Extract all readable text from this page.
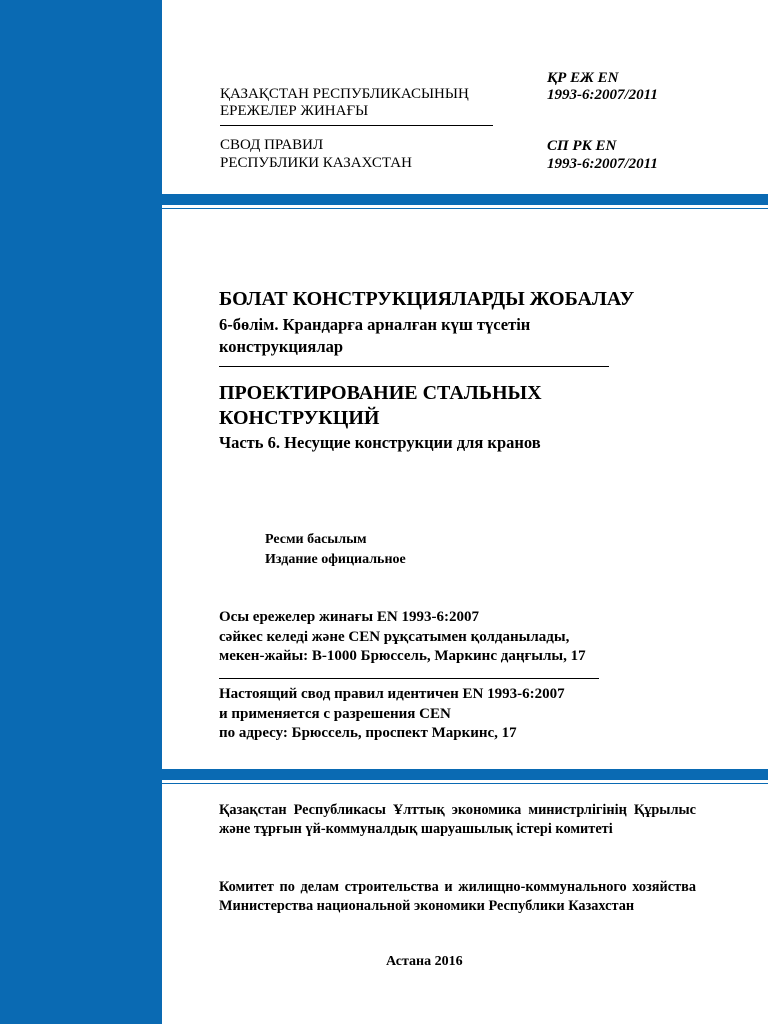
ҚАЗАҚСТАН РЕСПУБЛИКАСЫНЫҢ
ЕРЕЖЕЛЕР ЖИНАҒЫ
ҚР ЕЖ EN
1993-6:2007/2011
СВОД ПРАВИЛ
РЕСПУБЛИКИ КАЗАХСТАН
СП РК EN
1993-6:2007/2011
БОЛАТ КОНСТРУКЦИЯЛАРДЫ ЖОБАЛАУ
6-бөлім. Крандарға арналған күш түсетін
конструкциялар
ПРОЕКТИРОВАНИЕ СТАЛЬНЫХ
КОНСТРУКЦИЙ
Часть 6. Несущие конструкции для кранов
Ресми басылым
Издание официальное
Осы ережелер жинағы EN 1993-6:2007
сәйкес келеді және CEN рұқсатымен қолданылады,
мекен-жайы: B-1000 Брюссель, Маркинс даңғылы, 17
Настоящий свод правил идентичен EN 1993-6:2007
и применяется с разрешения CEN
по адресу: Брюссель, проспект Маркинс, 17
Қазақстан Республикасы Ұлттық экономика министрлігінің Құрылыс және тұрғын үй-коммуналдық шаруашылық істері комитеті
Комитет по делам строительства и жилищно-коммунального хозяйства Министерства национальной экономики Республики Казахстан
Астана 2016
